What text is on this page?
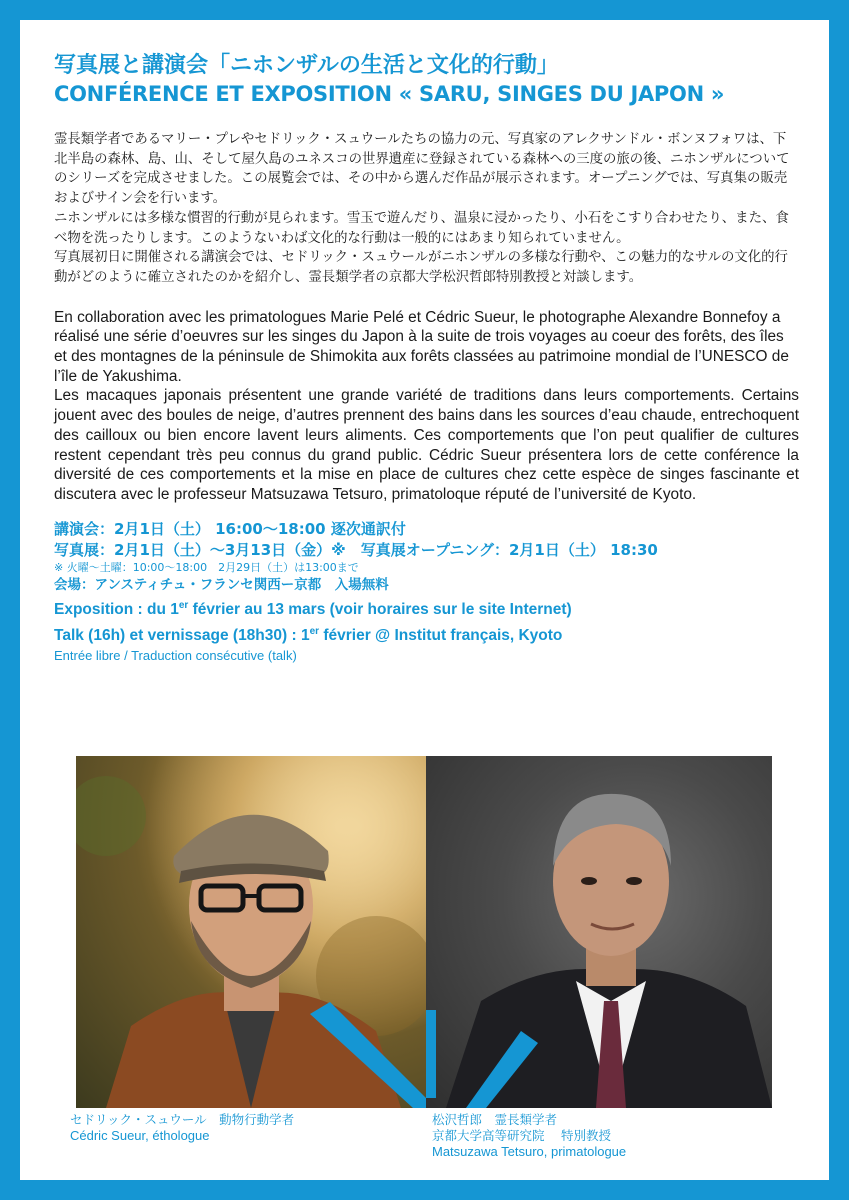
写真展と講演会「ニホンザルの生活と文化的行動」
CONFÉRENCE ET EXPOSITION « SARU, SINGES DU JAPON »

霊長類学者であるマリー・プレやセドリック・スュウールたちの協力の元、写真家のアレクサンドル・ボンヌフォワは、下北半島の森林、島、山、そして屋久島のユネスコの世界遺産に登録されている森林への三度の旅の後、ニホンザルについてのシリーズを完成させました。この展覧会では、その中から選んだ作品が展示されます。オープニングでは、写真集の販売およびサイン会を行います。

ニホンザルには多様な慣習的行動が見られます。雪玉で遊んだり、温泉に浸かったり、小石をこすり合わせたり、また、食べ物を洗ったりします。このようないわば文化的な行動は一般的にはあまり知られていません。

写真展初日に開催される講演会では、セドリック・スュウールがニホンザルの多様な行動や、この魅力的なサルの文化的行動がどのように確立されたのかを紹介し、霊長類学者の京都大学松沢哲郎特別教授と対談します。

En collaboration avec les primatologues Marie Pelé et Cédric Sueur, le photographe Alexandre Bonnefoy a réalisé une série d’oeuvres sur les singes du Japon à la suite de trois voyages au coeur des forêts, des îles et des montagnes de la péninsule de Shimokita aux forêts classées au patrimoine mondial de l’UNESCO de l’île de Yakushima.

Les macaques japonais présentent une grande variété de traditions dans leurs comportements. Certains jouent avec des boules de neige, d’autres prennent des bains dans les sources d’eau chaude, entrechoquent des cailloux ou bien encore lavent leurs aliments. Ces comportements que l’on peut qualifier de cultures restent cependant très peu connus du grand public. Cédric Sueur présentera lors de cette conférence la diversité de ces comportements et la mise en place de cultures chez cette espèce de singes fascinante et discutera avec le professeur Matsuzawa Tetsuro, primatoloque réputé de l’université de Kyoto.

講演会：2月1日（土） 16:00〜18:00 逐次通訳付
写真展：2月1日（土）〜3月13日（金）※　写真展オープニング：2月1日（土） 18:30
※ 火曜〜土曜：10:00〜18:00　2月29日（土）は13:00まで
会場：アンスティチュ・フランセ関西ー京都　入場無料
Exposition : du 1er février au 13 mars (voir horaires sur le site Internet)
Talk (16h) et vernissage (18h30) : 1er février @ Institut français, Kyoto
Entrée libre / Traduction consécutive (talk)
セドリック・スュウール　動物行動学者
Cédric Sueur, éthologue
松沢哲郎　霊長類学者
京都大学高等研究院　 特別教授
Matsuzawa Tetsuro, primatologue
